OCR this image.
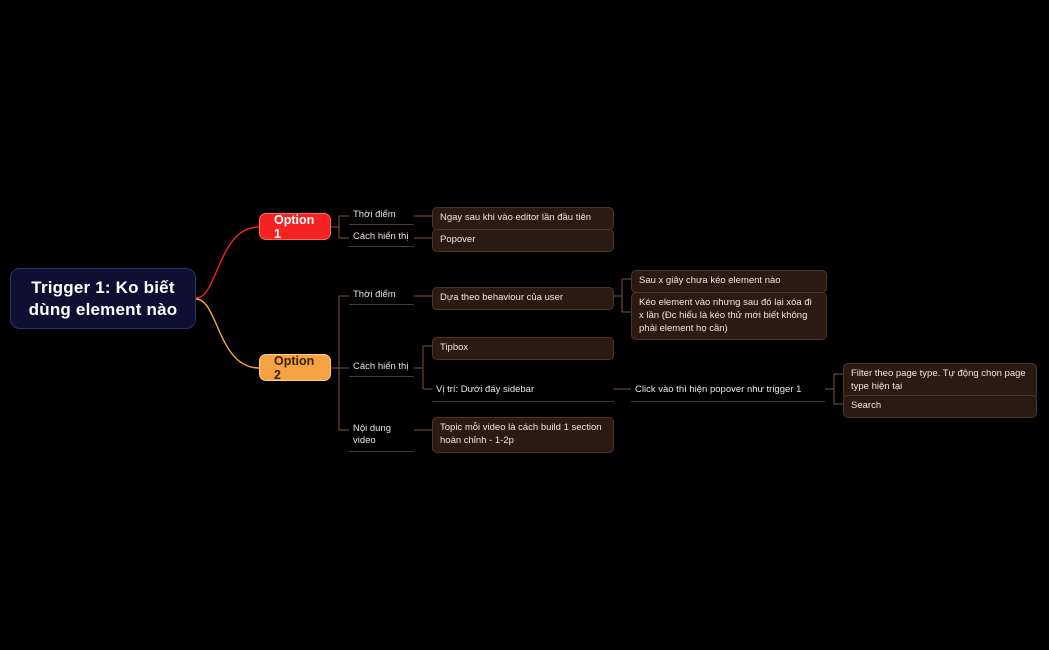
Trigger 1: Ko biết dùng element nào
Option 1
Thời điểm
Cách hiển thị
Ngay sau khi vào editor lần đầu tiên
Popover
Option 2
Thời điểm
Cách hiển thị
Nội dung video
Dựa theo behaviour của user
Sau x giây chưa kéo element nào
Kéo element vào nhưng sau đó lại xóa đi x lần (Đc hiểu là kéo thử mới biết không phải element họ cần)
Tipbox
Vị trí: Dưới đáy sidebar	Click vào thì hiện popover như trigger 1
Filter theo page type. Tự động chọn page type hiện tại
Search
Topic mỗi video là cách build 1 section hoàn chỉnh - 1-2p
